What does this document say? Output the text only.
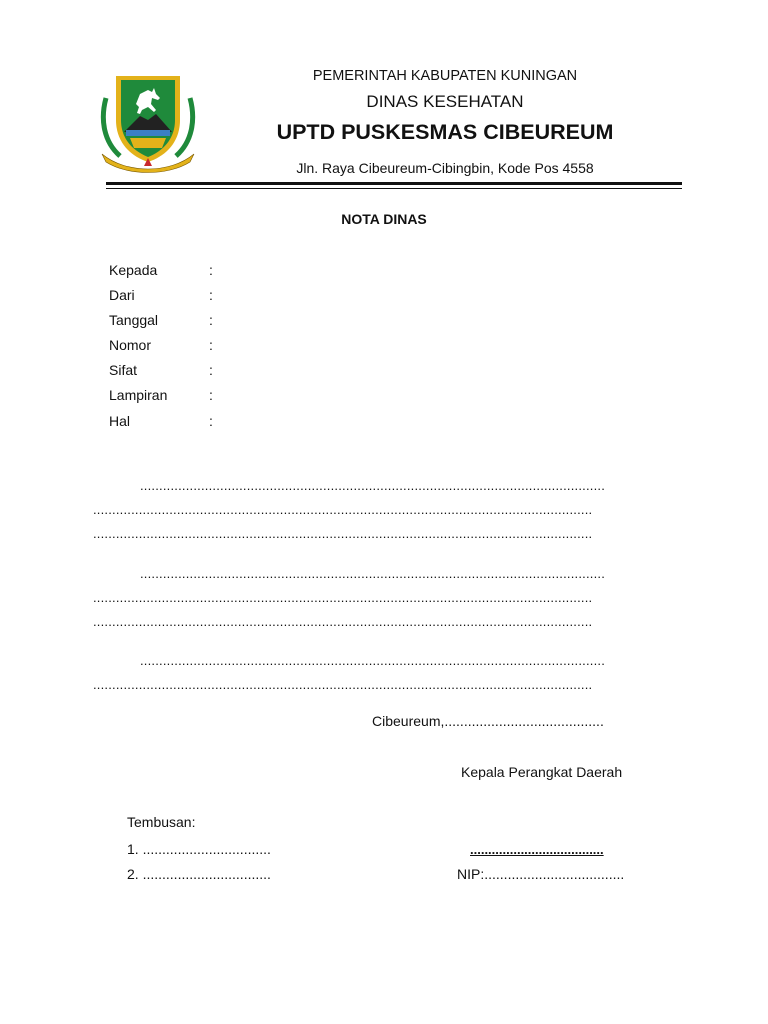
PEMERINTAH KABUPATEN KUNINGAN
DINAS KESEHATAN
UPTD PUSKESMAS CIBEUREUM
Jln. Raya Cibeureum-Cibingbin, Kode Pos 4558
NOTA DINAS
Kepada	:
Dari	:
Tanggal	:
Nomor	:
Sifat	:
Lampiran	:
Hal	:
..........................................................................................................................
...................................................................................................................................
...................................................................................................................................
..........................................................................................................................
...................................................................................................................................
...................................................................................................................................
..........................................................................................................................
...................................................................................................................................
Cibeureum,.........................................
Kepala Perangkat Daerah
.....................................
NIP:....................................
Tembusan:
1. .................................
2. .................................
